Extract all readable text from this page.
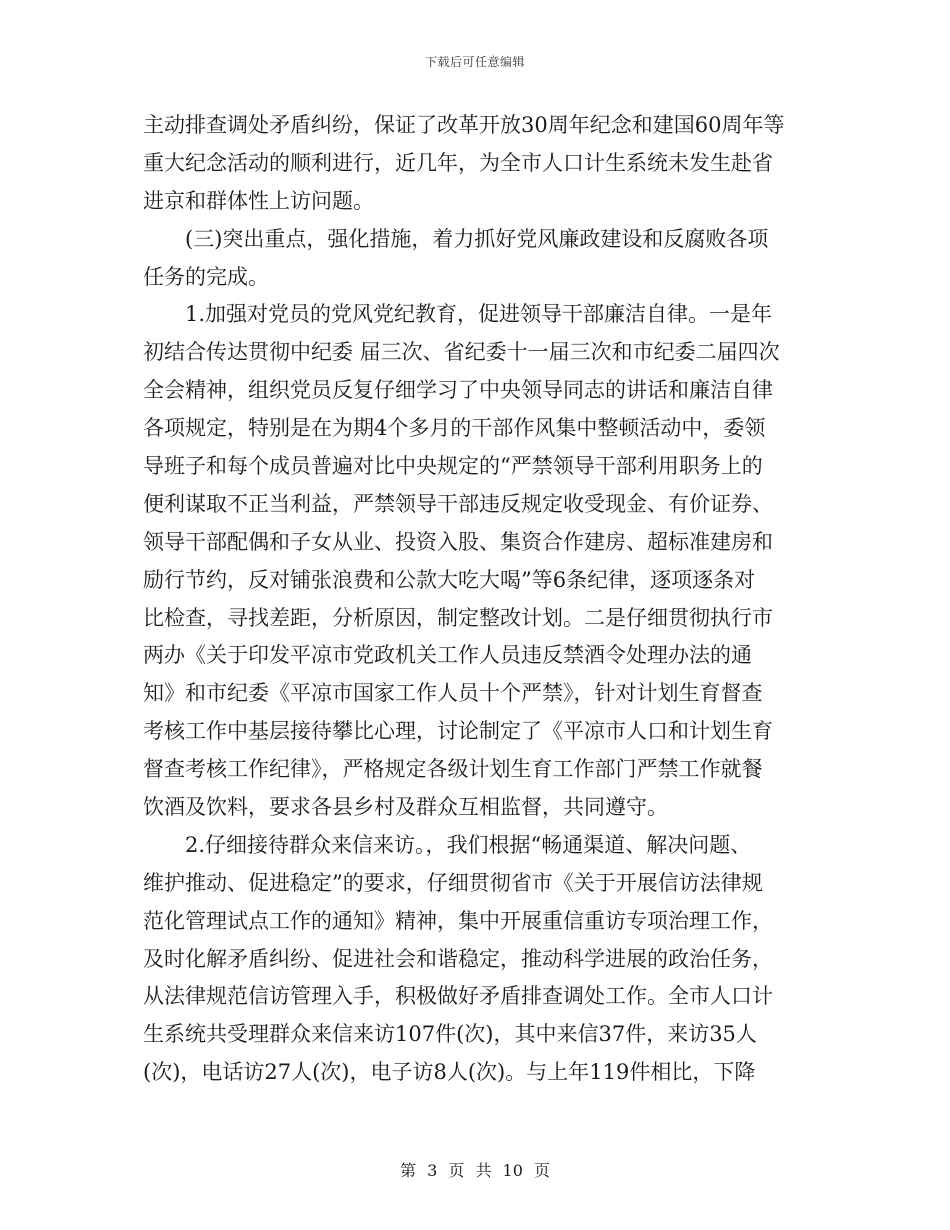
下载后可任意编辑
主动排查调处矛盾纠纷，保证了改革开放30周年纪念和建国60周年等
重大纪念活动的顺利进行，近几年，为全市人口计生系统未发生赴省
进京和群体性上访问题。
(三)突出重点，强化措施，着力抓好党风廉政建设和反腐败各项
任务的完成。
1.加强对党员的党风党纪教育，促进领导干部廉洁自律。一是年
初结合传达贯彻中纪委 届三次、省纪委十一届三次和市纪委二届四次
全会精神，组织党员反复仔细学习了中央领导同志的讲话和廉洁自律
各项规定，特别是在为期4个多月的干部作风集中整顿活动中，委领
导班子和每个成员普遍对比中央规定的“严禁领导干部利用职务上的
便利谋取不正当利益，严禁领导干部违反规定收受现金、有价证券、
领导干部配偶和子女从业、投资入股、集资合作建房、超标准建房和
励行节约，反对铺张浪费和公款大吃大喝”等6条纪律，逐项逐条对
比检查，寻找差距，分析原因，制定整改计划。二是仔细贯彻执行市
两办《关于印发平凉市党政机关工作人员违反禁酒令处理办法的通
知》和市纪委《平凉市国家工作人员十个严禁》，针对计划生育督查
考核工作中基层接待攀比心理，讨论制定了《平凉市人口和计划生育
督查考核工作纪律》，严格规定各级计划生育工作部门严禁工作就餐
饮酒及饮料，要求各县乡村及群众互相监督，共同遵守。
2.仔细接待群众来信来访。，我们根据“畅通渠道、解决问题、
维护推动、促进稳定”的要求，仔细贯彻省市《关于开展信访法律规
范化管理试点工作的通知》精神，集中开展重信重访专项治理工作，
及时化解矛盾纠纷、促进社会和谐稳定，推动科学进展的政治任务，
从法律规范信访管理入手，积极做好矛盾排查调处工作。全市人口计
生系统共受理群众来信来访107件(次)，其中来信37件，来访35人
(次)，电话访27人(次)，电子访8人(次)。与上年119件相比，下降
第 3 页 共 10 页
